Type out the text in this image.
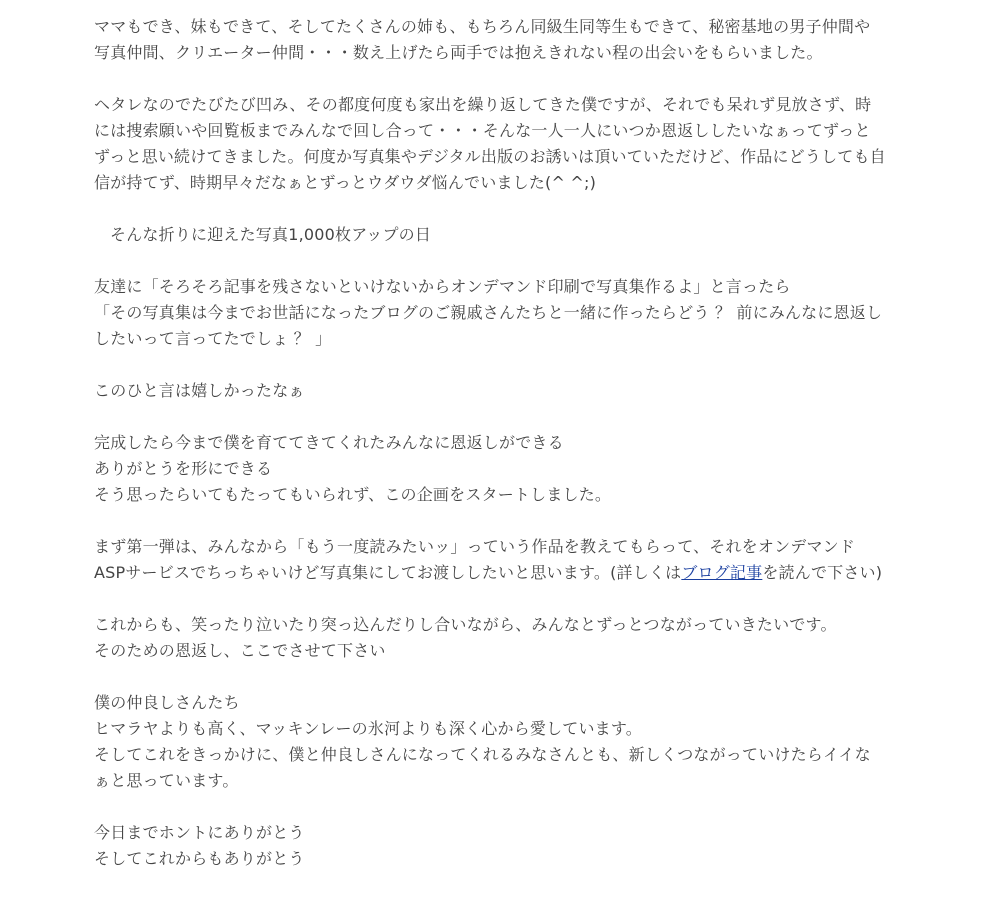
ママもでき、妹もできて、そしてたくさんの姉も、もちろん同級生同等生もできて、秘密基地の男子仲間や写真仲間、クリエーター仲間・・・数え上げたら両手では抱えきれない程の出会いをもらいました。

ヘタレなのでたびたび凹み、その都度何度も家出を繰り返してきた僕ですが、それでも呆れず見放さず、時には捜索願いや回覧板までみんなで回し合って・・・そんな一人一人にいつか恩返ししたいなぁってずっとずっと思い続けてきました。何度か写真集やデジタル出版のお誘いは頂いていただけど、作品にどうしても自信が持てず、時期早々だなぁとずっとウダウダ悩んでいました(^ ^;)

そんな折りに迎えた写真1,000枚アップの日

友達に「そろそろ記事を残さないといけないからオンデマンド印刷で写真集作るよ」と言ったら
「その写真集は今までお世話になったブログのご親戚さんたちと一緒に作ったらどう ？ 前にみんなに恩返ししたいって言ってたでしょ ？ 」

このひと言は嬉しかったなぁ

完成したら今まで僕を育ててきてくれたみんなに恩返しができる
ありがとうを形にできる
そう思ったらいてもたってもいられず、この企画をスタートしました。

まず第一弾は、みんなから「もう一度読みたいッ」っていう作品を教えてもらって、それをオンデマンドASPサービスでちっちゃいけど写真集にしてお渡ししたいと思います。(詳しくはブログ記事を読んで下さい)

これからも、笑ったり泣いたり突っ込んだりし合いながら、みんなとずっとつながっていきたいです。
そのための恩返し、ここでさせて下さい

僕の仲良しさんたち
ヒマラヤよりも高く、マッキンレーの氷河よりも深く心から愛しています。
そしてこれをきっかけに、僕と仲良しさんになってくれるみなさんとも、新しくつながっていけたらイイなぁと思っています。

今日までホントにありがとう
そしてこれからもありがとう
